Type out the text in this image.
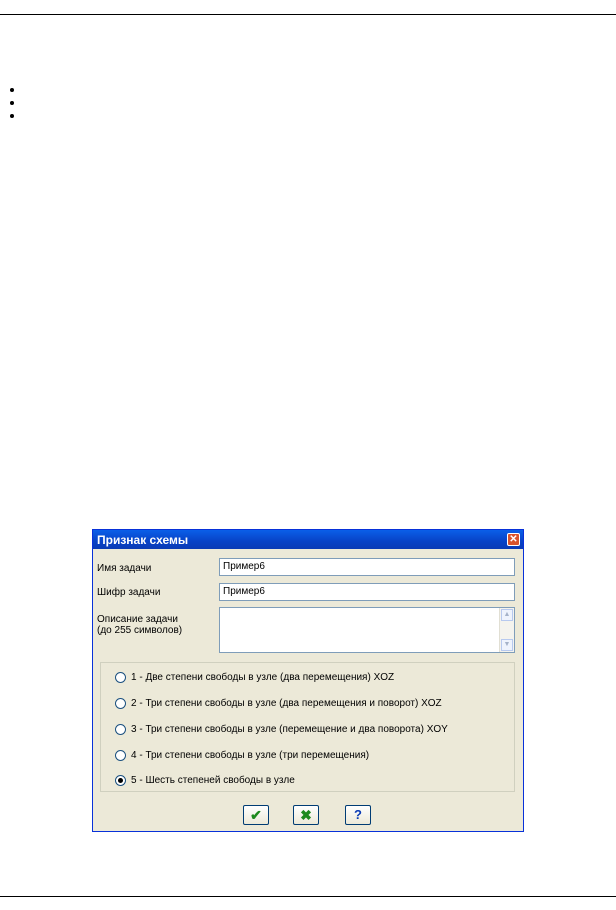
Признак схемы	✕
Имя задачи	Пример6
Шифр задачи	Пример6
Описание задачи
(до 255 символов)
▲
▼
1 - Две степени свободы в узле (два перемещения) XOZ
2 - Три степени свободы в узле (два перемещения и поворот) XOZ
3 - Три степени свободы в узле (перемещение и два поворота) XOY
4 - Три степени свободы в узле (три перемещения)
5 - Шесть степеней свободы в узле
✔	✖	?
